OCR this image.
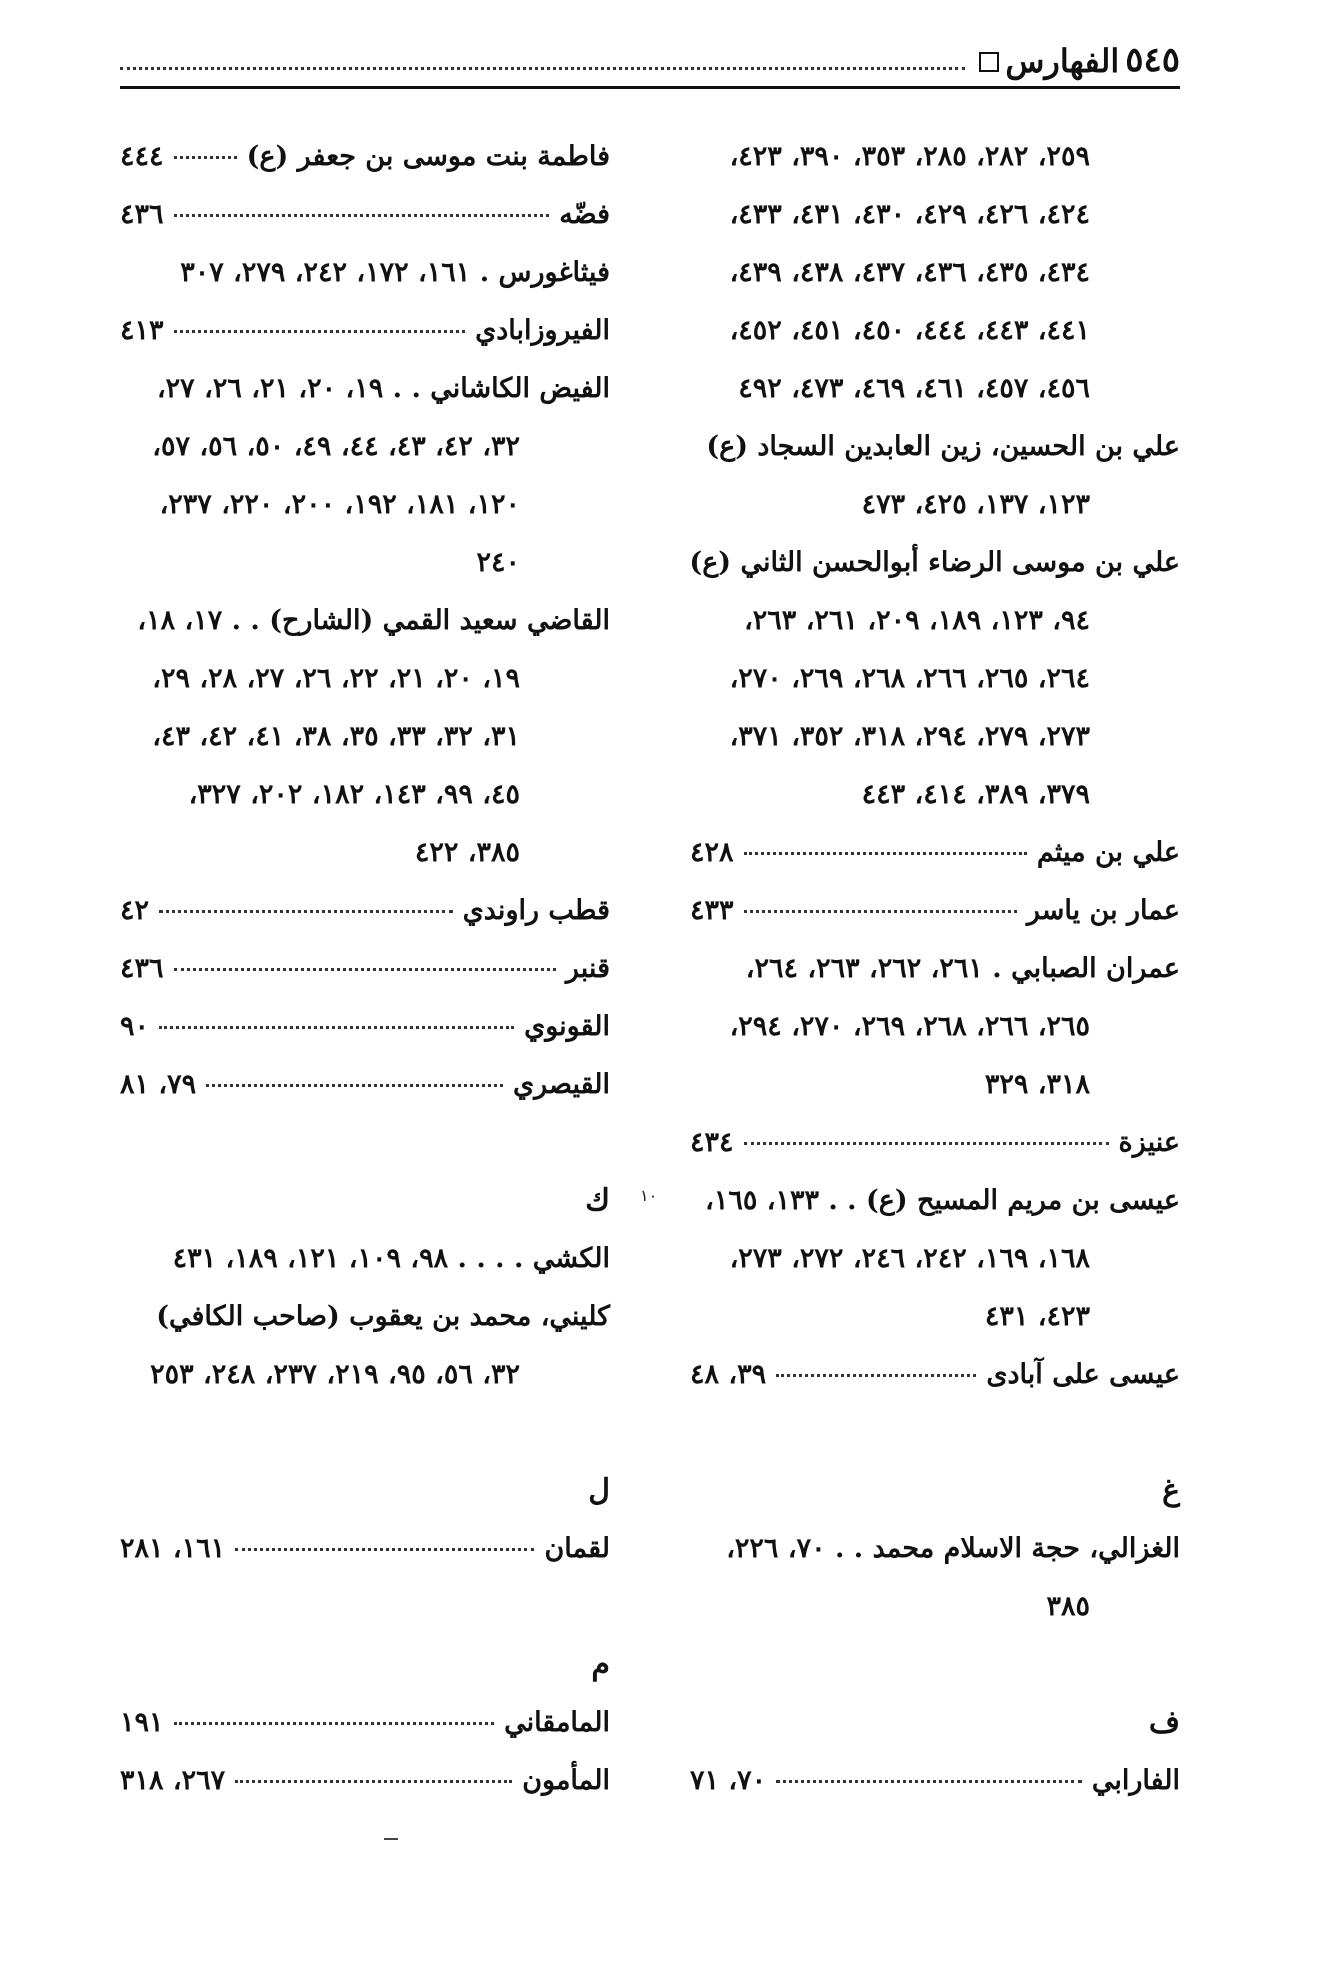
٥٤٥
الفهارس
٢٥٩، ٢٨٢، ٢٨٥، ٣٥٣، ٣٩٠، ٤٢٣،
٤٢٤، ٤٢٦، ٤٢٩، ٤٣٠، ٤٣١، ٤٣٣،
٤٣٤، ٤٣٥، ٤٣٦، ٤٣٧، ٤٣٨، ٤٣٩،
٤٤١، ٤٤٣، ٤٤٤، ٤٥٠، ٤٥١، ٤٥٢،
٤٥٦، ٤٥٧، ٤٦١، ٤٦٩، ٤٧٣، ٤٩٢
علي بن الحسين، زين العابدين السجاد (ع)
١٢٣، ١٣٧، ٤٢٥، ٤٧٣
علي بن موسى الرضاء أبوالحسن الثاني (ع)
٩٤، ١٢٣، ١٨٩، ٢٠٩، ٢٦١، ٢٦٣،
٢٦٤، ٢٦٥، ٢٦٦، ٢٦٨، ٢٦٩، ٢٧٠،
٢٧٣، ٢٧٩، ٢٩٤، ٣١٨، ٣٥٢، ٣٧١،
٣٧٩، ٣٨٩، ٤١٤، ٤٤٣
علي بن ميثم
٤٢٨
عمار بن ياسر
٤٣٣
عمران الصبابي . ٢٦١، ٢٦٢، ٢٦٣، ٢٦٤،
٢٦٥، ٢٦٦، ٢٦٨، ٢٦٩، ٢٧٠، ٢٩٤،
٣١٨، ٣٢٩
عنيزة
٤٣٤
عيسى بن مريم المسيح (ع) . . ١٣٣، ١٦٥،
١٦٨، ١٦٩، ٢٤٢، ٢٤٦، ٢٧٢، ٢٧٣،
٤٢٣، ٤٣١
عيسى على آبادى
٣٩، ٤٨
غ
الغزالي، حجة الاسلام محمد . . ٧٠، ٢٢٦،
٣٨٥
ف
الفارابي
٧٠، ٧١
فاطمة بنت موسى بن جعفر (ع)
٤٤٤
فضّه
٤٣٦
فيثاغورس . ١٦١، ١٧٢، ٢٤٢، ٢٧٩، ٣٠٧
الفيروزابادي
٤١٣
الفيض الكاشاني . . ١٩، ٢٠، ٢١، ٢٦، ٢٧،
٣٢، ٤٢، ٤٣، ٤٤، ٤٩، ٥٠، ٥٦، ٥٧،
١٢٠، ١٨١، ١٩٢، ٢٠٠، ٢٢٠، ٢٣٧،
٢٤٠
القاضي سعيد القمي (الشارح) . . ١٧، ١٨،
١٩، ٢٠، ٢١، ٢٢، ٢٦، ٢٧، ٢٨، ٢٩،
٣١، ٣٢، ٣٣، ٣٥، ٣٨، ٤١، ٤٢، ٤٣،
٤٥، ٩٩، ١٤٣، ١٨٢، ٢٠٢، ٣٢٧،
٣٨٥، ٤٢٢
قطب راوندي
٤٢
قنبر
٤٣٦
القونوي
٩٠
القيصري
٧٩، ٨١
ك
الكشي . . . . ٩٨، ١٠٩، ١٢١، ١٨٩، ٤٣١
كليني، محمد بن يعقوب (صاحب الكافي)
٣٢، ٥٦، ٩٥، ٢١٩، ٢٣٧، ٢٤٨، ٢٥٣
ل
لقمان
١٦١، ٢٨١
م
المامقاني
١٩١
المأمون
٢٦٧، ٣١٨
١٠
